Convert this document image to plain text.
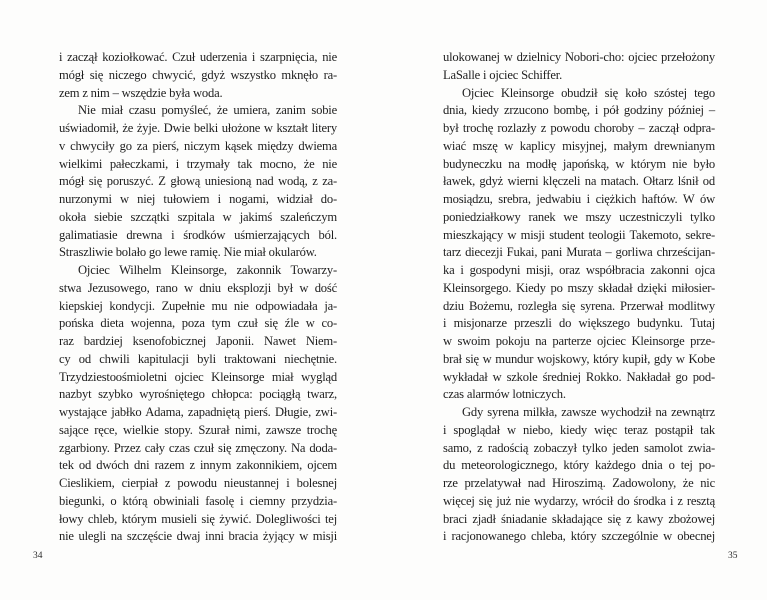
i zaczął koziołkować. Czuł uderzenia i szarpnięcia, nie
mógł się niczego chwycić, gdyż wszystko mknęło ra-
zem z nim – wszędzie była woda.
Nie miał czasu pomyśleć, że umiera, zanim sobie
uświadomił, że żyje. Dwie belki ułożone w kształt litery
v chwyciły go za pierś, niczym kąsek między dwiema
wielkimi pałeczkami, i trzymały tak mocno, że nie
mógł się poruszyć. Z głową uniesioną nad wodą, z za-
nurzonymi w niej tułowiem i nogami, widział do-
okoła siebie szczątki szpitala w jakimś szaleńczym
galimatiasie drewna i środków uśmierzających ból.
Straszliwie bolało go lewe ramię. Nie miał okularów.
Ojciec Wilhelm Kleinsorge, zakonnik Towarzy-
stwa Jezusowego, rano w dniu eksplozji był w dość
kiepskiej kondycji. Zupełnie mu nie odpowiadała ja-
pońska dieta wojenna, poza tym czuł się źle w co-
raz bardziej ksenofobicznej Japonii. Nawet Niem-
cy od chwili kapitulacji byli traktowani niechętnie.
Trzydziestoośmioletni ojciec Kleinsorge miał wygląd
nazbyt szybko wyrośniętego chłopca: pociągłą twarz,
wystające jabłko Adama, zapadniętą pierś. Długie, zwi-
sające ręce, wielkie stopy. Szurał nimi, zawsze trochę
zgarbiony. Przez cały czas czuł się zmęczony. Na doda-
tek od dwóch dni razem z innym zakonnikiem, ojcem
Cieslikiem, cierpiał z powodu nieustannej i bolesnej
biegunki, o którą obwiniali fasolę i ciemny przydzia-
łowy chleb, którym musieli się żywić. Dolegliwości tej
nie ulegli na szczęście dwaj inni bracia żyjący w misji
34
ulokowanej w dzielnicy Nobori-cho: ojciec przełożony
LaSalle i ojciec Schiffer.
Ojciec Kleinsorge obudził się koło szóstej tego
dnia, kiedy zrzucono bombę, i pół godziny później –
był trochę rozlazły z powodu choroby – zaczął odpra-
wiać mszę w kaplicy misyjnej, małym drewnianym
budyneczku na modłę japońską, w którym nie było
ławek, gdyż wierni klęczeli na matach. Ołtarz lśnił od
mosiądzu, srebra, jedwabiu i ciężkich haftów. W ów
poniedziałkowy ranek we mszy uczestniczyli tylko
mieszkający w misji student teologii Takemoto, sekre-
tarz diecezji Fukai, pani Murata – gorliwa chrześcijan-
ka i gospodyni misji, oraz współbracia zakonni ojca
Kleinsorgego. Kiedy po mszy składał dzięki miłosier-
dziu Bożemu, rozległa się syrena. Przerwał modlitwy
i misjonarze przeszli do większego budynku. Tutaj
w swoim pokoju na parterze ojciec Kleinsorge prze-
brał się w mundur wojskowy, który kupił, gdy w Kobe
wykładał w szkole średniej Rokko. Nakładał go pod-
czas alarmów lotniczych.
Gdy syrena milkła, zawsze wychodził na zewnątrz
i spoglądał w niebo, kiedy więc teraz postąpił tak
samo, z radością zobaczył tylko jeden samolot zwia-
du meteorologicznego, który każdego dnia o tej po-
rze przelatywał nad Hiroszimą. Zadowolony, że nic
więcej się już nie wydarzy, wrócił do środka i z resztą
braci zjadł śniadanie składające się z kawy zbożowej
i racjonowanego chleba, który szczególnie w obecnej
35
